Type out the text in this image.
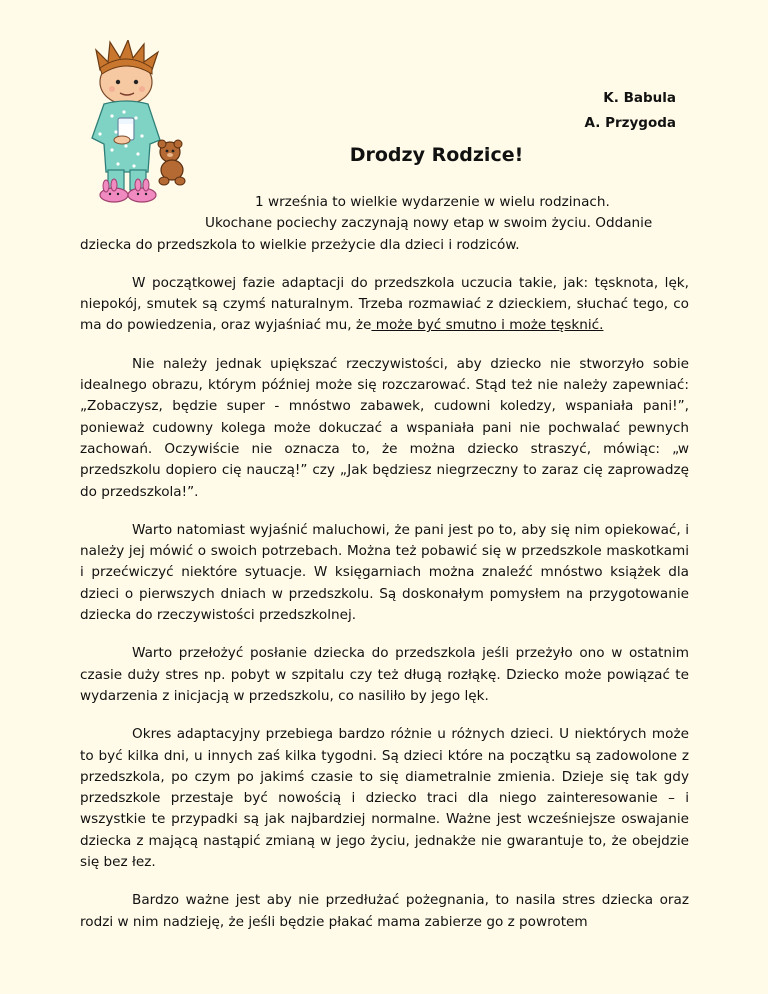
K. Babula
A. Przygoda
Drodzy Rodzice!

1 września to wielkie wydarzenie w wielu rodzinach.
Ukochane pociechy zaczynają nowy etap w swoim życiu. Oddanie
dziecka do przedszkola to wielkie przeżycie dla dzieci i rodziców.

W początkowej fazie adaptacji do przedszkola uczucia takie, jak: tęsknota, lęk, niepokój, smutek są czymś naturalnym. Trzeba rozmawiać z dzieckiem, słuchać tego, co ma do powiedzenia, oraz wyjaśniać mu, że może być smutno i może tęsknić.

Nie należy jednak upiększać rzeczywistości, aby dziecko nie stworzyło sobie idealnego obrazu, którym później może się rozczarować. Stąd też nie należy zapewniać: „Zobaczysz, będzie super - mnóstwo zabawek, cudowni koledzy, wspaniała pani!”, ponieważ cudowny kolega może dokuczać a wspaniała pani nie pochwalać pewnych zachowań. Oczywiście nie oznacza to, że można dziecko straszyć, mówiąc: „w przedszkolu dopiero cię nauczą!” czy „Jak będziesz niegrzeczny to zaraz cię zaprowadzę do przedszkola!”.

Warto natomiast wyjaśnić maluchowi, że pani jest po to, aby się nim opiekować, i należy jej mówić o swoich potrzebach. Można też pobawić się w przedszkole maskotkami i przećwiczyć niektóre sytuacje. W księgarniach można znaleźć mnóstwo książek dla dzieci o pierwszych dniach w przedszkolu. Są doskonałym pomysłem na przygotowanie dziecka do rzeczywistości przedszkolnej.

Warto przełożyć posłanie dziecka do przedszkola jeśli przeżyło ono w ostatnim czasie duży stres np. pobyt w szpitalu czy też długą rozłąkę. Dziecko może powiązać te wydarzenia z inicjacją w przedszkolu, co nasiliło by jego lęk.

Okres adaptacyjny przebiega bardzo różnie u różnych dzieci. U niektórych może to być kilka dni, u innych zaś kilka tygodni. Są dzieci które na początku są zadowolone z przedszkola, po czym po jakimś czasie to się diametralnie zmienia. Dzieje się tak gdy przedszkole przestaje być nowością i dziecko traci dla niego zainteresowanie – i wszystkie te przypadki są jak najbardziej normalne. Ważne jest wcześniejsze oswajanie dziecka z mającą nastąpić zmianą w jego życiu, jednakże nie gwarantuje to, że obejdzie się bez łez.

Bardzo ważne jest aby nie przedłużać pożegnania, to nasila stres dziecka oraz rodzi w nim nadzieję, że jeśli będzie płakać mama zabierze go z powrotem
